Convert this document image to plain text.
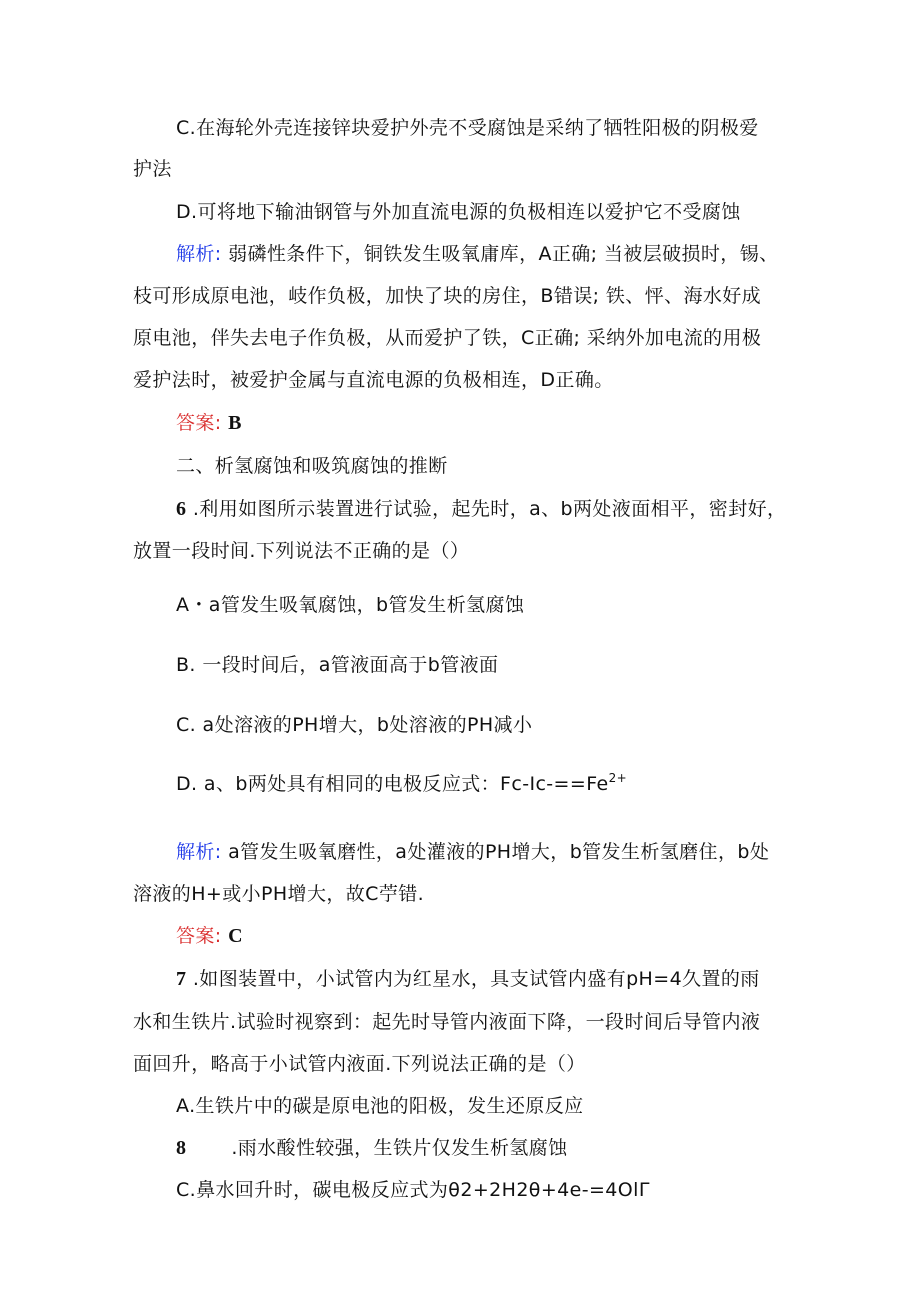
C.在海轮外壳连接锌块爱护外壳不受腐蚀是采纳了牺牲阳极的阴极爱
护法
D.可将地下输油钢管与外加直流电源的负极相连以爱护它不受腐蚀
解析: 弱磷性条件下，铜铁发生吸氧庸库，A正确; 当被层破损时，锡、
枝可形成原电池，岐作负极，加快了块的房住，B错误; 铁、怦、海水好成
原电池，伴失去电子作负极，从而爱护了铁，C正确; 采纳外加电流的用极
爱护法时，被爱护金属与直流电源的负极相连，D正确。
答案: B
二、析氢腐蚀和吸筑腐蚀的推断
6 .利用如图所示装置进行试验，起先时，a、b两处液面相平，密封好，
放置一段时间.下列说法不正确的是（）
A・a管发生吸氧腐蚀，b管发生析氢腐蚀
B. 一段时间后，a管液面高于b管液面
C. a处溶液的PH增大，b处溶液的PH减小
D. a、b两处具有相同的电极反应式：$Fc-Ic-==Fe^{2+}$
解析: a管发生吸氧磨性，a处灌液的PH增大，b管发生析氢磨住，b处
溶液的H+或小PH增大，故C苧错.
答案: C
7 .如图装置中，小试管内为红星水，具支试管内盛有pH=4久置的雨
水和生铁片.试验时视察到：起先时导管内液面下降，一段时间后导管内液
面回升，略高于小试管内液面.下列说法正确的是（）
A.生铁片中的碳是原电池的阳极，发生还原反应
8 .雨水酸性较强，生铁片仅发生析氢腐蚀
C.鼻水回升时，碳电极反应式为θ2+2H2θ+4e-=4OlΓ
